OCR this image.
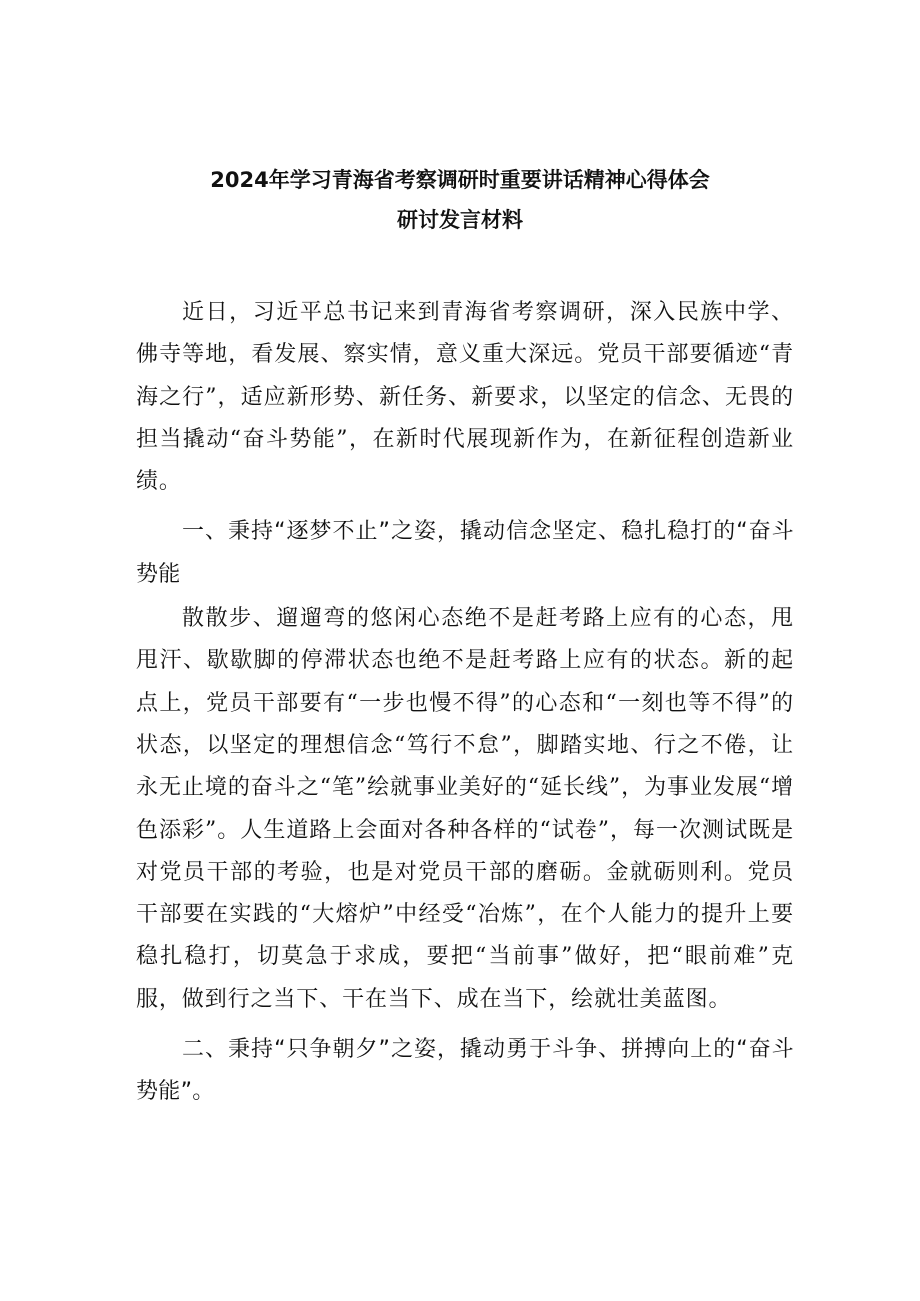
2024年学习青海省考察调研时重要讲话精神心得体会
研讨发言材料

近日，习近平总书记来到青海省考察调研，深入民族中学、佛寺等地，看发展、察实情，意义重大深远。党员干部要循迹“青海之行”，适应新形势、新任务、新要求，以坚定的信念、无畏的担当撬动“奋斗势能”，在新时代展现新作为，在新征程创造新业绩。

一、秉持“逐梦不止”之姿，撬动信念坚定、稳扎稳打的“奋斗势能

散散步、遛遛弯的悠闲心态绝不是赶考路上应有的心态，甩甩汗、歇歇脚的停滞状态也绝不是赶考路上应有的状态。新的起点上，党员干部要有“一步也慢不得”的心态和“一刻也等不得”的状态，以坚定的理想信念“笃行不怠”，脚踏实地、行之不倦，让永无止境的奋斗之“笔”绘就事业美好的“延长线”，为事业发展“增色添彩”。人生道路上会面对各种各样的“试卷”，每一次测试既是对党员干部的考验，也是对党员干部的磨砺。金就砺则利。党员干部要在实践的“大熔炉”中经受“冶炼”，在个人能力的提升上要稳扎稳打，切莫急于求成，要把“当前事”做好，把“眼前难”克服，做到行之当下、干在当下、成在当下，绘就壮美蓝图。

二、秉持“只争朝夕”之姿，撬动勇于斗争、拼搏向上的“奋斗势能”。
